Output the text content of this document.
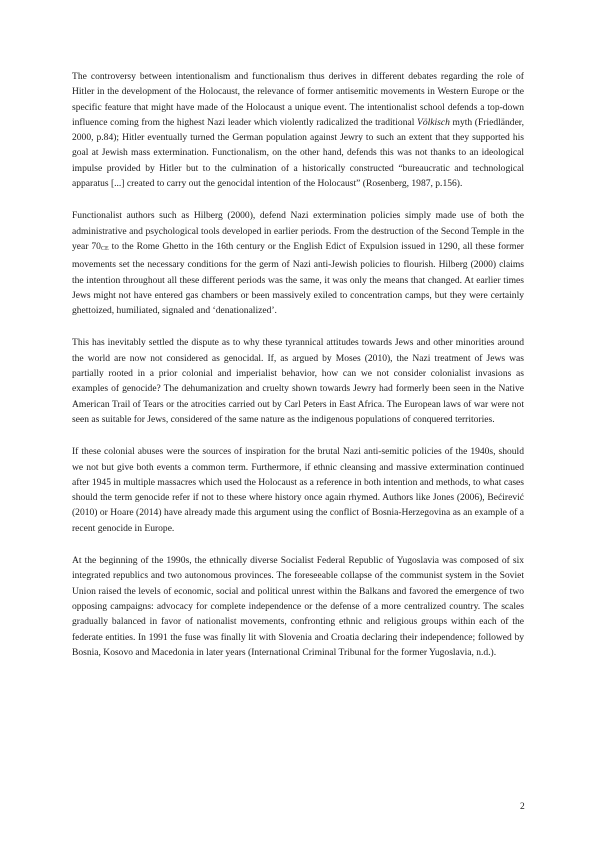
The controversy between intentionalism and functionalism thus derives in different debates regarding the role of Hitler in the development of the Holocaust, the relevance of former antisemitic movements in Western Europe or the specific feature that might have made of the Holocaust a unique event. The intentionalist school defends a top-down influence coming from the highest Nazi leader which violently radicalized the traditional Völkisch myth (Friedländer, 2000, p.84); Hitler eventually turned the German population against Jewry to such an extent that they supported his goal at Jewish mass extermination. Functionalism, on the other hand, defends this was not thanks to an ideological impulse provided by Hitler but to the culmination of a historically constructed “bureaucratic and technological apparatus [...] created to carry out the genocidal intention of the Holocaust” (Rosenberg, 1987, p.156).

Functionalist authors such as Hilberg (2000), defend Nazi extermination policies simply made use of both the administrative and psychological tools developed in earlier periods. From the destruction of the Second Temple in the year 70CE to the Rome Ghetto in the 16th century or the English Edict of Expulsion issued in 1290, all these former movements set the necessary conditions for the germ of Nazi anti-Jewish policies to flourish. Hilberg (2000) claims the intention throughout all these different periods was the same, it was only the means that changed. At earlier times Jews might not have entered gas chambers or been massively exiled to concentration camps, but they were certainly ghettoized, humiliated, signaled and ‘denationalized’.

This has inevitably settled the dispute as to why these tyrannical attitudes towards Jews and other minorities around the world are now not considered as genocidal. If, as argued by Moses (2010), the Nazi treatment of Jews was partially rooted in a prior colonial and imperialist behavior, how can we not consider colonialist invasions as examples of genocide? The dehumanization and cruelty shown towards Jewry had formerly been seen in the Native American Trail of Tears or the atrocities carried out by Carl Peters in East Africa. The European laws of war were not seen as suitable for Jews, considered of the same nature as the indigenous populations of conquered territories.

If these colonial abuses were the sources of inspiration for the brutal Nazi anti-semitic policies of the 1940s, should we not but give both events a common term. Furthermore, if ethnic cleansing and massive extermination continued after 1945 in multiple massacres which used the Holocaust as a reference in both intention and methods, to what cases should the term genocide refer if not to these where history once again rhymed. Authors like Jones (2006), Bećirević (2010) or Hoare (2014) have already made this argument using the conflict of Bosnia-Herzegovina as an example of a recent genocide in Europe.

At the beginning of the 1990s, the ethnically diverse Socialist Federal Republic of Yugoslavia was composed of six integrated republics and two autonomous provinces. The foreseeable collapse of the communist system in the Soviet Union raised the levels of economic, social and political unrest within the Balkans and favored the emergence of two opposing campaigns: advocacy for complete independence or the defense of a more centralized country. The scales gradually balanced in favor of nationalist movements, confronting ethnic and religious groups within each of the federate entities. In 1991 the fuse was finally lit with Slovenia and Croatia declaring their independence; followed by Bosnia, Kosovo and Macedonia in later years (International Criminal Tribunal for the former Yugoslavia, n.d.).

2
